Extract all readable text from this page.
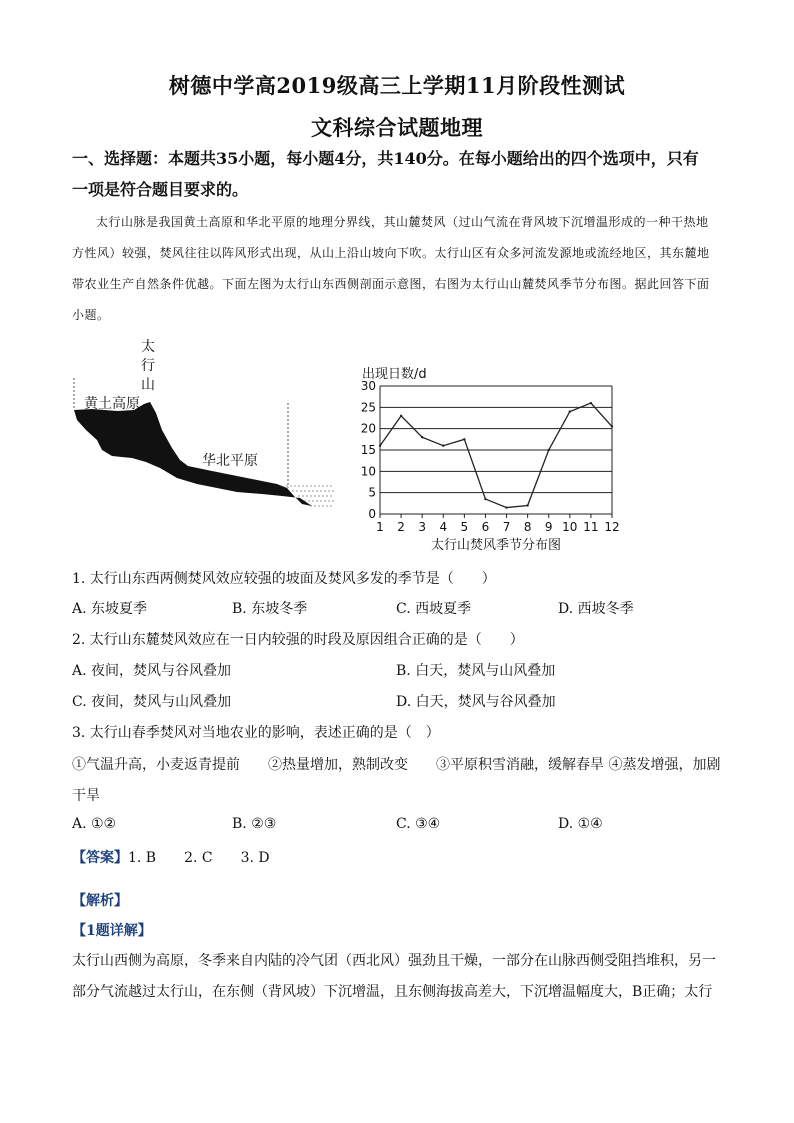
树德中学高2019级高三上学期11月阶段性测试
文科综合试题地理
一、选择题：本题共35小题，每小题4分，共140分。在每小题给出的四个选项中，只有
一项是符合题目要求的。
太行山脉是我国黄土高原和华北平原的地理分界线，其山麓焚风（过山气流在背风坡下沉增温形成的一种干热地方性风）较强，焚风往往以阵风形式出现，从山上沿山坡向下吹。太行山区有众多河流发源地或流经地区，其东麓地带农业生产自然条件优越。下面左图为太行山东西侧剖面示意图，右图为太行山山麓焚风季节分布图。据此回答下面小题。
太行山
黄土高原
华北平原
出现日数/d
0
5
10
15
20
25
30
1 2 3 4 5 6 7 8 9 10 11 12
太行山焚风季节分布图
1. 太行山东西两侧焚风效应较强的坡面及焚风多发的季节是（　　）
A. 东坡夏季	B. 东坡冬季	C. 西坡夏季	D. 西坡冬季
2. 太行山东麓焚风效应在一日内较强的时段及原因组合正确的是（　　）
A. 夜间，焚风与谷风叠加	B. 白天，焚风与山风叠加
C. 夜间，焚风与山风叠加	D. 白天，焚风与谷风叠加
3. 太行山春季焚风对当地农业的影响，表述正确的是（　）
①气温升高，小麦返青提前　　②热量增加，熟制改变　　③平原积雪消融，缓解春旱 ④蒸发增强，加剧
干旱
A. ①②	B. ②③	C. ③④	D. ①④
【答案】1. B　　2. C　　3. D
【解析】
【1题详解】
太行山西侧为高原，冬季来自内陆的冷气团（西北风）强劲且干燥，一部分在山脉西侧受阻挡堆积，另一部分气流越过太行山，在东侧（背风坡）下沉增温，且东侧海拔高差大，下沉增温幅度大，B正确；太行
